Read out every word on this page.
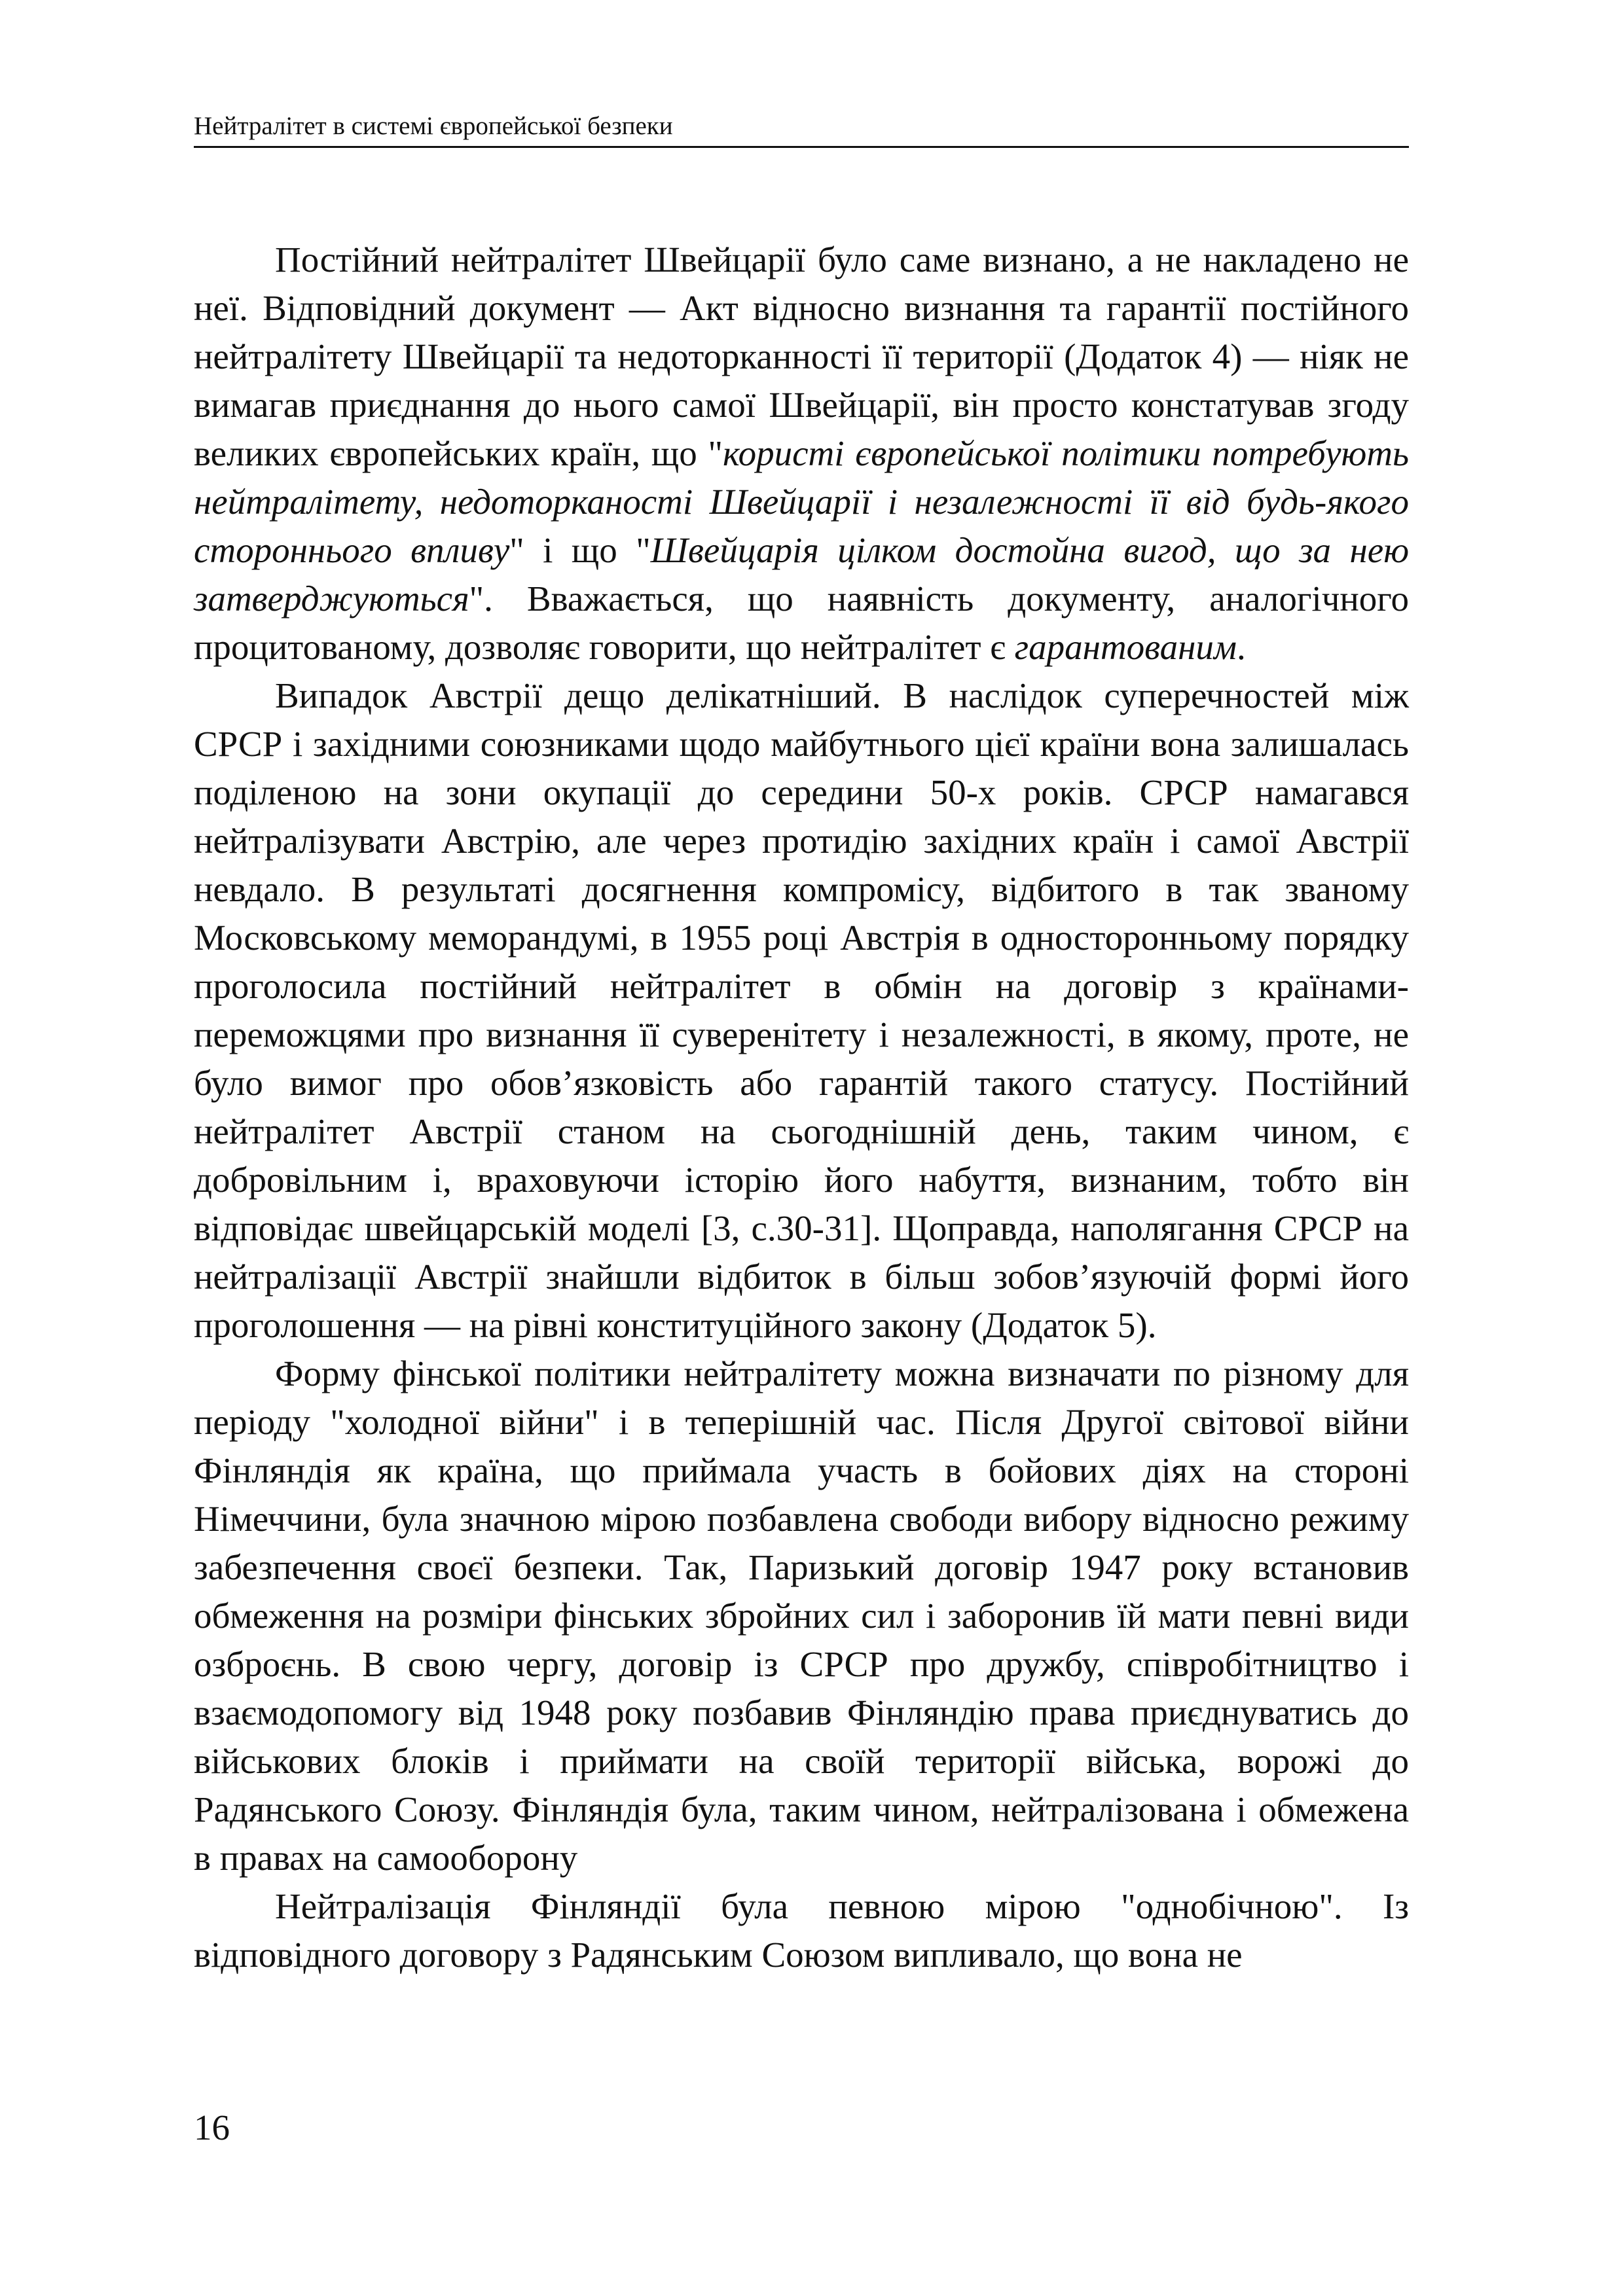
Нейтралітет в системі європейської безпеки

Постійний нейтралітет Швейцарії було саме визнано, а не накладено не неї. Відповідний документ — Акт відносно визнання та гарантії постійного нейтралітету Швейцарії та недоторканності її території (Додаток 4) — ніяк не вимагав приєднання до нього самої Швейцарії, він просто констатував згоду великих європейських країн, що "користі європейської політики потребують нейтралітету, недоторканості Швейцарії і незалежності її від будь-якого стороннього впливу" і що "Швейцарія цілком достойна вигод, що за нею затверджуються". Вважається, що наявність документу, аналогічного процитованому, дозволяє говорити, що нейтралітет є гарантованим.

Випадок Австрії дещо делікатніший. В наслідок суперечностей між СРСР і західними союзниками щодо майбутнього цієї країни вона залишалась поділеною на зони окупації до середини 50-х років. СРСР намагався нейтралізувати Австрію, але через протидію західних країн і самої Австрії невдало. В результаті досягнення компромісу, відбитого в так званому Московському меморандумі, в 1955 році Австрія в односторонньому порядку проголосила постійний нейтралітет в обмін на договір з країнами-переможцями про визнання її суверенітету і незалежності, в якому, проте, не було вимог про обов’язковість або гарантій такого статусу. Постійний нейтралітет Австрії станом на сьогоднішній день, таким чином, є добровільним і, враховуючи історію його набуття, визнаним, тобто він відповідає швейцарській моделі [3, с.30-31]. Щоправда, наполягання СРСР на нейтралізації Австрії знайшли відбиток в більш зобов’язуючій формі його проголошення — на рівні конституційного закону (Додаток 5).

Форму фінської політики нейтралітету можна визначати по різному для періоду "холодної війни" і в теперішній час. Після Другої світової війни Фінляндія як країна, що приймала участь в бойових діях на стороні Німеччини, була значною мірою позбавлена свободи вибору відносно режиму забезпечення своєї безпеки. Так, Паризький договір 1947 року встановив обмеження на розміри фінських збройних сил і заборонив їй мати певні види озброєнь. В свою чергу, договір із СРСР про дружбу, співробітництво і взаємодопомогу від 1948 року позбавив Фінляндію права приєднуватись до військових блоків і приймати на своїй території війська, ворожі до Радянського Союзу. Фінляндія була, таким чином, нейтралізована і обмежена в правах на самооборону

Нейтралізація Фінляндії була певною мірою "однобічною". Із відповідного договору з Радянським Союзом випливало, що вона не

16
